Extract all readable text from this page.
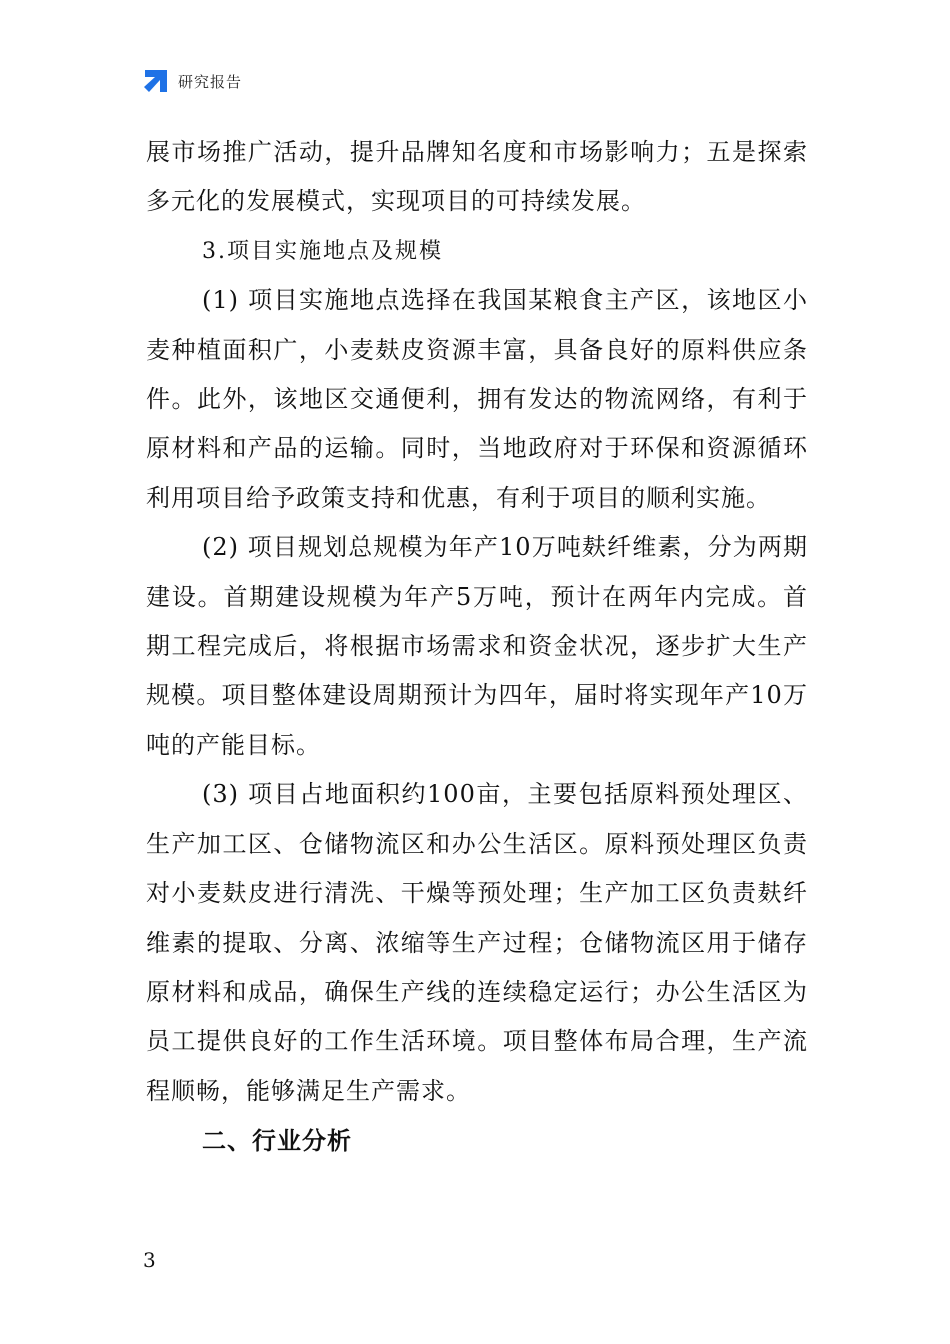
研究报告

展市场推广活动，提升品牌知名度和市场影响力；五是探索多元化的发展模式，实现项目的可持续发展。

3.项目实施地点及规模

(1) 项目实施地点选择在我国某粮食主产区，该地区小麦种植面积广，小麦麸皮资源丰富，具备良好的原料供应条件。此外，该地区交通便利，拥有发达的物流网络，有利于原材料和产品的运输。同时，当地政府对于环保和资源循环利用项目给予政策支持和优惠，有利于项目的顺利实施。

(2) 项目规划总规模为年产10万吨麸纤维素，分为两期建设。首期建设规模为年产5万吨，预计在两年内完成。首期工程完成后，将根据市场需求和资金状况，逐步扩大生产规模。项目整体建设周期预计为四年，届时将实现年产10万吨的产能目标。

(3) 项目占地面积约100亩，主要包括原料预处理区、生产加工区、仓储物流区和办公生活区。原料预处理区负责对小麦麸皮进行清洗、干燥等预处理；生产加工区负责麸纤维素的提取、分离、浓缩等生产过程；仓储物流区用于储存原材料和成品，确保生产线的连续稳定运行；办公生活区为员工提供良好的工作生活环境。项目整体布局合理，生产流程顺畅，能够满足生产需求。

二、行业分析

3
